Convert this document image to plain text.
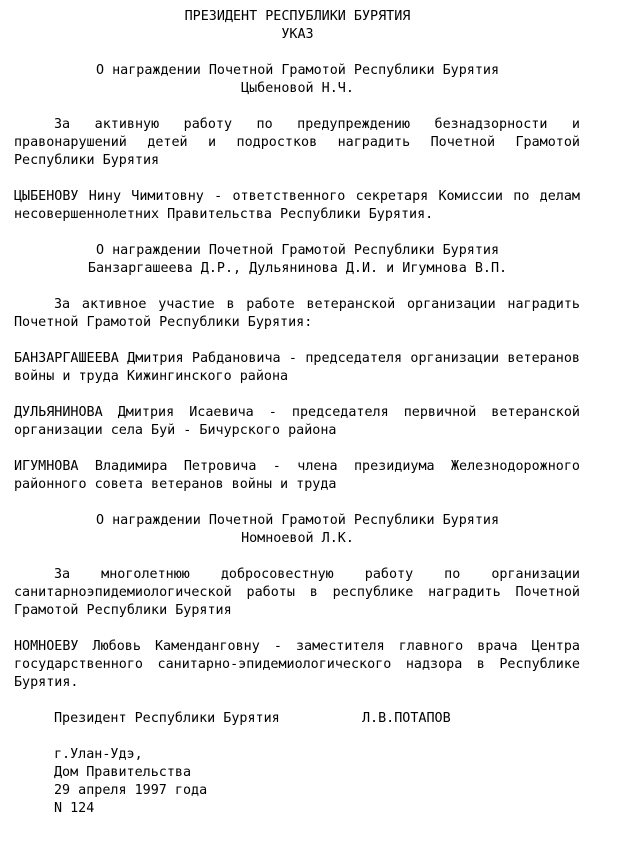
ПРЕЗИДЕНТ РЕСПУБЛИКИ БУРЯТИЯ
УКАЗ
О награждении Почетной Грамотой Республики Бурятия
Цыбеновой Н.Ч.
За активную работу по предупреждению безнадзорности и
правонарушений детей и подростков наградить Почетной Грамотой
Республики Бурятия
ЦЫБЕНОВУ Нину Чимитовну - ответственного секретаря Комиссии по делам
несовершеннолетних Правительства Республики Бурятия.
О награждении Почетной Грамотой Республики Бурятия
Банзаргашеева Д.Р., Дульянинова Д.И. и Игумнова В.П.
За активное участие в работе ветеранской организации наградить
Почетной Грамотой Республики Бурятия:
БАНЗАРГАШЕЕВА Дмитрия Рабдановича - председателя организации ветеранов
войны и труда Кижингинского района
ДУЛЬЯНИНОВА Дмитрия Исаевича - председателя первичной ветеранской
организации села Буй - Бичурского района
ИГУМНОВА Владимира Петровича - члена президиума Железнодорожного
районного совета ветеранов войны и труда
О награждении Почетной Грамотой Республики Бурятия
Номноевой Л.К.
За многолетнюю добросовестную работу по организации
санитарноэпидемиологической работы в республике наградить Почетной
Грамотой Республики Бурятия
НОМНОЕВУ Любовь Каменданговну - заместителя главного врача Центра
государственного санитарно-эпидемиологического надзора в Республике
Бурятия.
Президент Республики Бурятия	Л.В.ПОТАПОВ
г.Улан-Удэ,
Дом Правительства
29 апреля 1997 года
N 124
